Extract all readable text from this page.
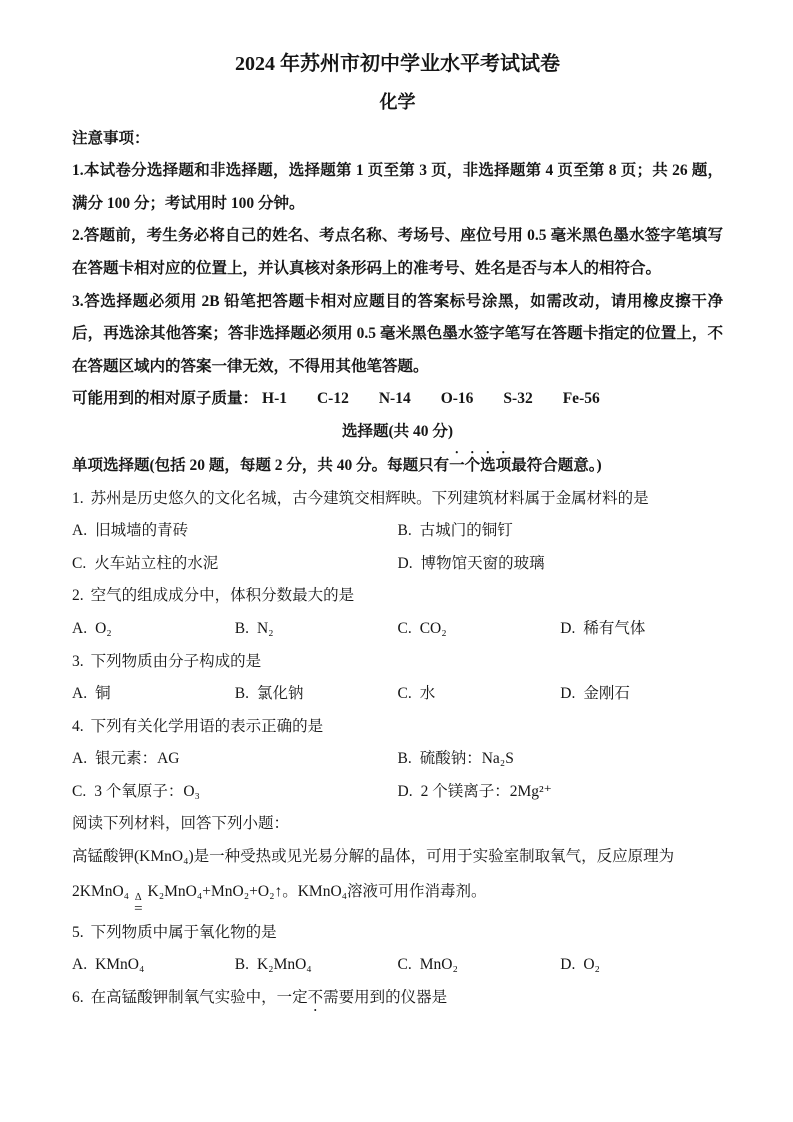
2024 年苏州市初中学业水平考试试卷
化学

注意事项：

1.本试卷分选择题和非选择题，选择题第 1 页至第 3 页，非选择题第 4 页至第 8 页；共 26 题，满分 100 分；考试用时 100 分钟。

2.答题前，考生务必将自己的姓名、考点名称、考场号、座位号用 0.5 毫米黑色墨水签字笔填写在答题卡相对应的位置上，并认真核对条形码上的准考号、姓名是否与本人的相符合。

3.答选择题必须用 2B 铅笔把答题卡相对应题目的答案标号涂黑，如需改动，请用橡皮擦干净后，再选涂其他答案；答非选择题必须用 0.5 毫米黑色墨水签字笔写在答题卡指定的位置上，不在答题区域内的答案一律无效，不得用其他笔答题。

可能用到的相对原子质量： H-1 C-12 N-14 O-16 S-32 Fe-56

选择题(共 40 分)

单项选择题(包括 20 题，每题 2 分，共 40 分。每题只有一个选项最符合题意。)

1. 苏州是历史悠久的文化名城，古今建筑交相辉映。下列建筑材料属于金属材料的是

A. 旧城墙的青砖	B. 古城门的铜钉
C. 火车站立柱的水泥	D. 博物馆天窗的玻璃

2. 空气的组成成分中，体积分数最大的是

A. O₂	B. N₂	C. CO₂	D. 稀有气体

3. 下列物质由分子构成的是

A. 铜	B. 氯化钠	C. 水	D. 金刚石

4. 下列有关化学用语的表示正确的是

A. 银元素：AG	B. 硫酸钠：Na₂S
C. 3 个氧原子：O₃	D. 2 个镁离子：2Mg²⁺

阅读下列材料，回答下列小题：

高锰酸钾(KMnO₄)是一种受热或见光易分解的晶体，可用于实验室制取氧气，反应原理为

2KMnO₄ Δ
=
K₂MnO₄+MnO₂+O₂↑。KMnO₄溶液可用作消毒剂。

5. 下列物质中属于氧化物的是

A. KMnO₄	B. K₂MnO₄	C. MnO₂	D. O₂

6. 在高锰酸钾制氧气实验中，一定不需要用到的仪器是
